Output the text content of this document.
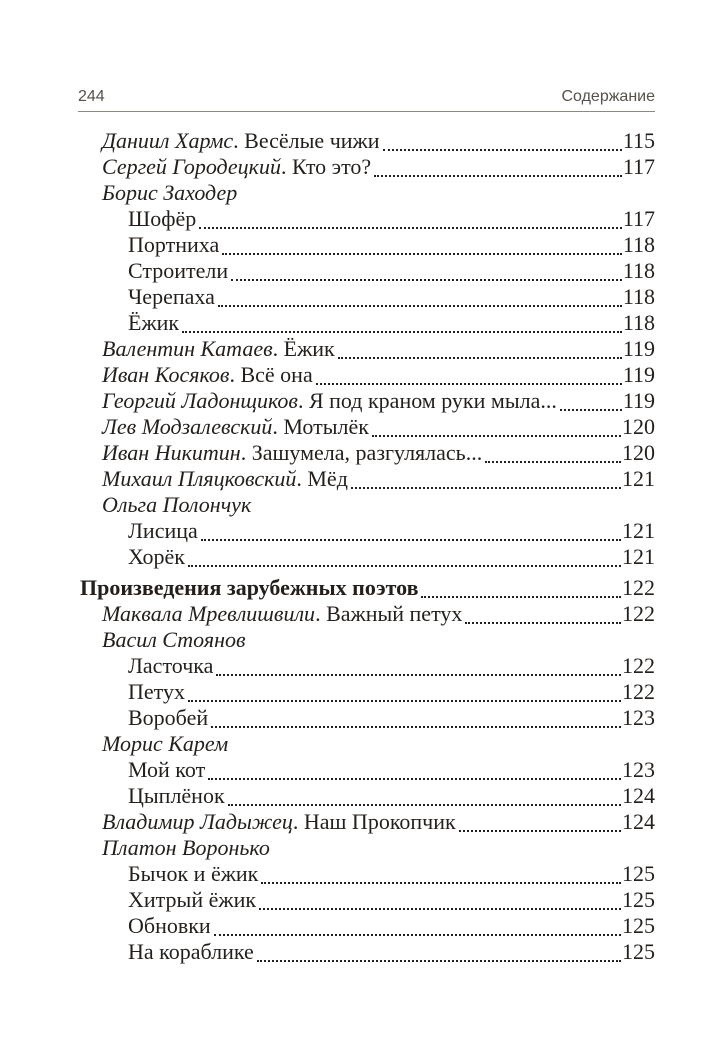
244	Содержание
Даниил Хармс . Весёлые чижи	115
Сергей Городецкий . Кто это?	117
Борис Заходер
Шофёр	117
Портниха	118
Строители	118
Черепаха	118
Ёжик	118
Валентин Катаев . Ёжик	119
Иван Косяков . Всё она	119
Георгий Ладонщиков . Я под краном руки мыла...	119
Лев Модзалевский . Мотылёк	120
Иван Никитин . Зашумела, разгулялась...	120
Михаил Пляцковский . Мёд	121
Ольга Полончук
Лисица	121
Хорёк	121
Произведения зарубежных поэтов	122
Маквала Мревлишвили . Важный петух	122
Васил Стоянов
Ласточка	122
Петух	122
Воробей	123
Морис Карем
Мой кот	123
Цыплёнок	124
Владимир Ладыжец . Наш Прокопчик	124
Платон Воронько
Бычок и ёжик	125
Хитрый ёжик	125
Обновки	125
На кораблике	125
